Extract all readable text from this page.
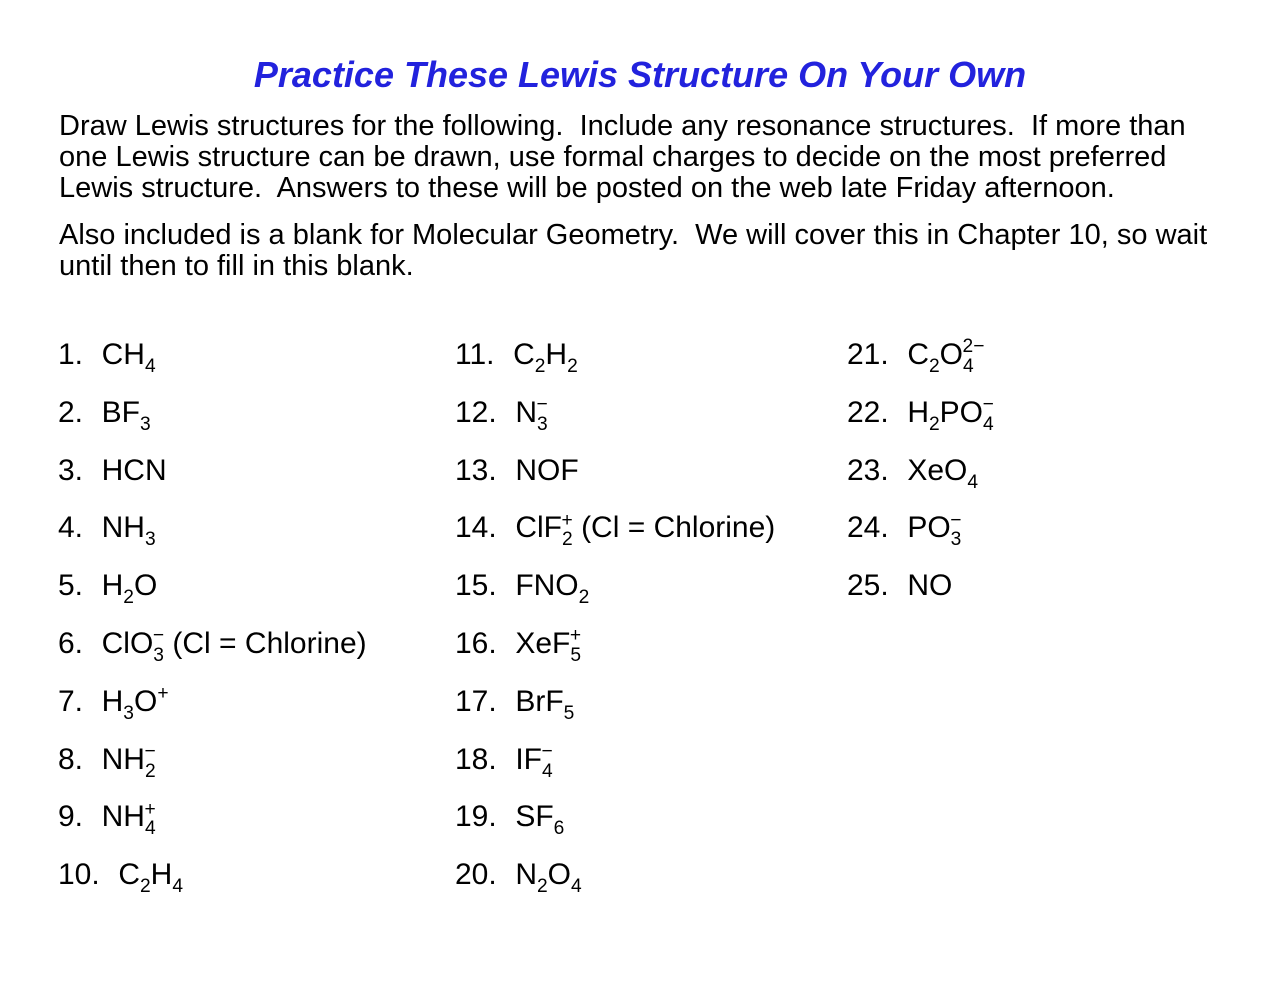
Practice These Lewis Structure On Your Own
Draw Lewis structures for the following.  Include any resonance structures.  If more than
one Lewis structure can be drawn, use formal charges to decide on the most preferred
Lewis structure.  Answers to these will be posted on the web late Friday afternoon.
Also included is a blank for Molecular Geometry.  We will cover this in Chapter 10, so wait
until then to fill in this blank.
1. $CH_4$
2. $BF_3$
3. HCN
4. $NH_3$
5. $H_2O$
6. ClO$_3$− (Cl = Chlorine)
7. $H_3O^+$
8. $NH_2^-$
9. $NH_4^+$
10. $C_2H_4$
11. $C_2H_2$
12. $N_3^-$
13. NOF
14. ClF$_2$+ (Cl = Chlorine)
15. $FNO_2$
16. XeF$_5$+
17. BrF$_5$
18. $IF_4^-$
19. $SF_6$
20. $N_2O_4$
21. $C_2O_4^{2-}$
22. $H_2PO_4^-$
23. XeO$_4$
24. $PO_3^-$
25. NO
